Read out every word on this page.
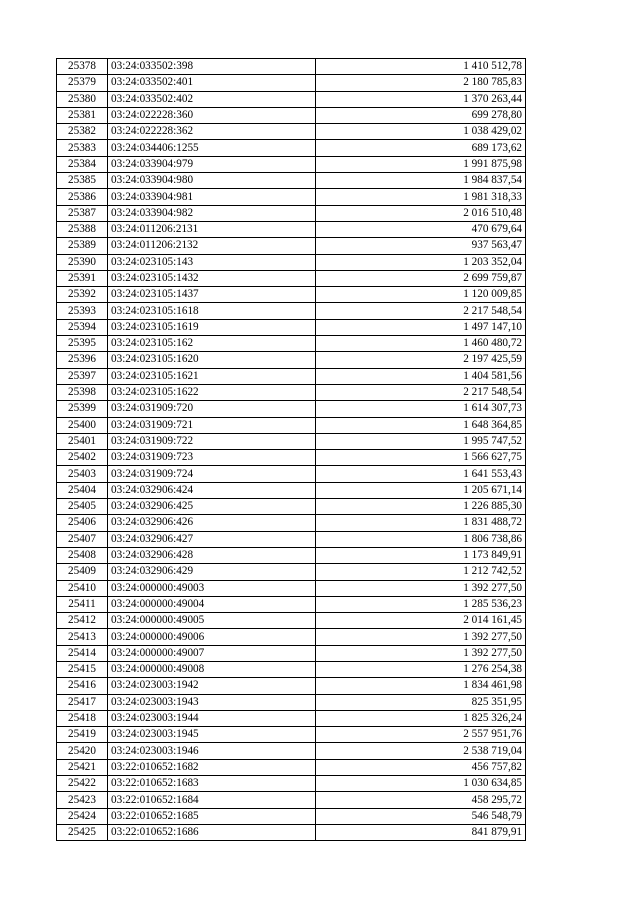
25378	03:24:033502:398	1 410 512,78
25379	03:24:033502:401	2 180 785,83
25380	03:24:033502:402	1 370 263,44
25381	03:24:022228:360	699 278,80
25382	03:24:022228:362	1 038 429,02
25383	03:24:034406:1255	689 173,62
25384	03:24:033904:979	1 991 875,98
25385	03:24:033904:980	1 984 837,54
25386	03:24:033904:981	1 981 318,33
25387	03:24:033904:982	2 016 510,48
25388	03:24:011206:2131	470 679,64
25389	03:24:011206:2132	937 563,47
25390	03:24:023105:143	1 203 352,04
25391	03:24:023105:1432	2 699 759,87
25392	03:24:023105:1437	1 120 009,85
25393	03:24:023105:1618	2 217 548,54
25394	03:24:023105:1619	1 497 147,10
25395	03:24:023105:162	1 460 480,72
25396	03:24:023105:1620	2 197 425,59
25397	03:24:023105:1621	1 404 581,56
25398	03:24:023105:1622	2 217 548,54
25399	03:24:031909:720	1 614 307,73
25400	03:24:031909:721	1 648 364,85
25401	03:24:031909:722	1 995 747,52
25402	03:24:031909:723	1 566 627,75
25403	03:24:031909:724	1 641 553,43
25404	03:24:032906:424	1 205 671,14
25405	03:24:032906:425	1 226 885,30
25406	03:24:032906:426	1 831 488,72
25407	03:24:032906:427	1 806 738,86
25408	03:24:032906:428	1 173 849,91
25409	03:24:032906:429	1 212 742,52
25410	03:24:000000:49003	1 392 277,50
25411	03:24:000000:49004	1 285 536,23
25412	03:24:000000:49005	2 014 161,45
25413	03:24:000000:49006	1 392 277,50
25414	03:24:000000:49007	1 392 277,50
25415	03:24:000000:49008	1 276 254,38
25416	03:24:023003:1942	1 834 461,98
25417	03:24:023003:1943	825 351,95
25418	03:24:023003:1944	1 825 326,24
25419	03:24:023003:1945	2 557 951,76
25420	03:24:023003:1946	2 538 719,04
25421	03:22:010652:1682	456 757,82
25422	03:22:010652:1683	1 030 634,85
25423	03:22:010652:1684	458 295,72
25424	03:22:010652:1685	546 548,79
25425	03:22:010652:1686	841 879,91
